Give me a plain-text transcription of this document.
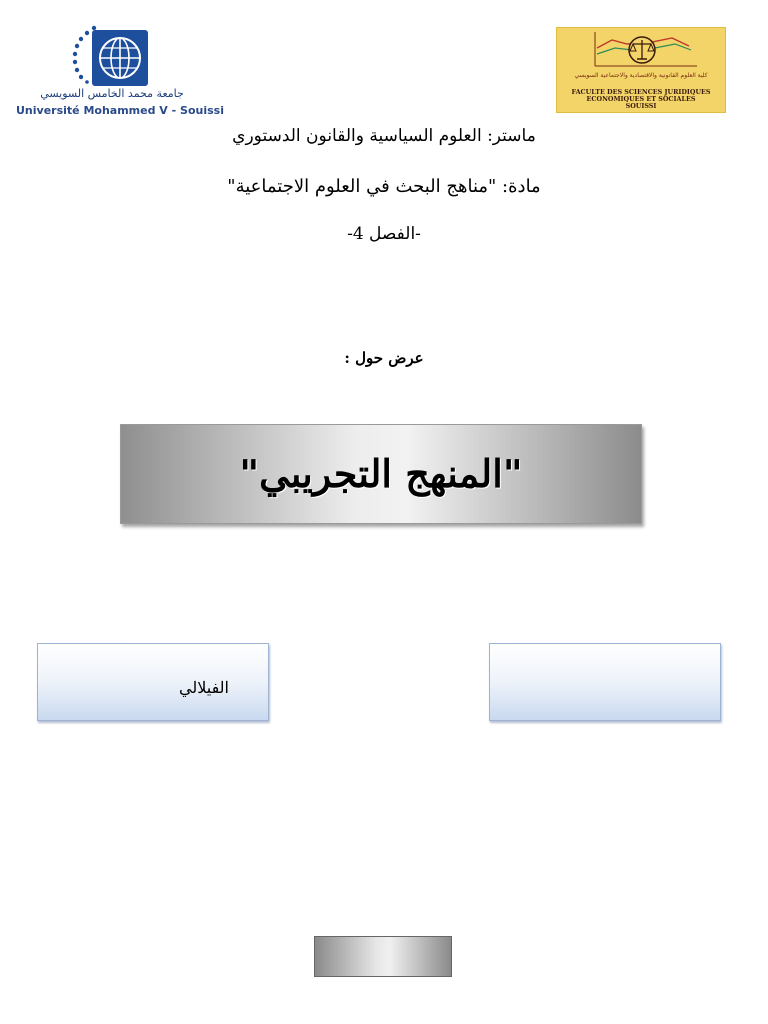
جامعة محمد الخامس السويسي
Université Mohammed V - Souissi
كلية العلوم القانونية والاقتصادية والاجتماعية السويسي
FACULTE DES SCIENCES JURIDIQUES
ECONOMIQUES ET SOCIALES
SOUISSI
ماستر: العلوم السياسية والقانون الدستوري
مادة: "مناهج البحث في العلوم الاجتماعية"
-الفصل 4-
عرض حول :
"المنهج التجريبي"
الفيلالي
